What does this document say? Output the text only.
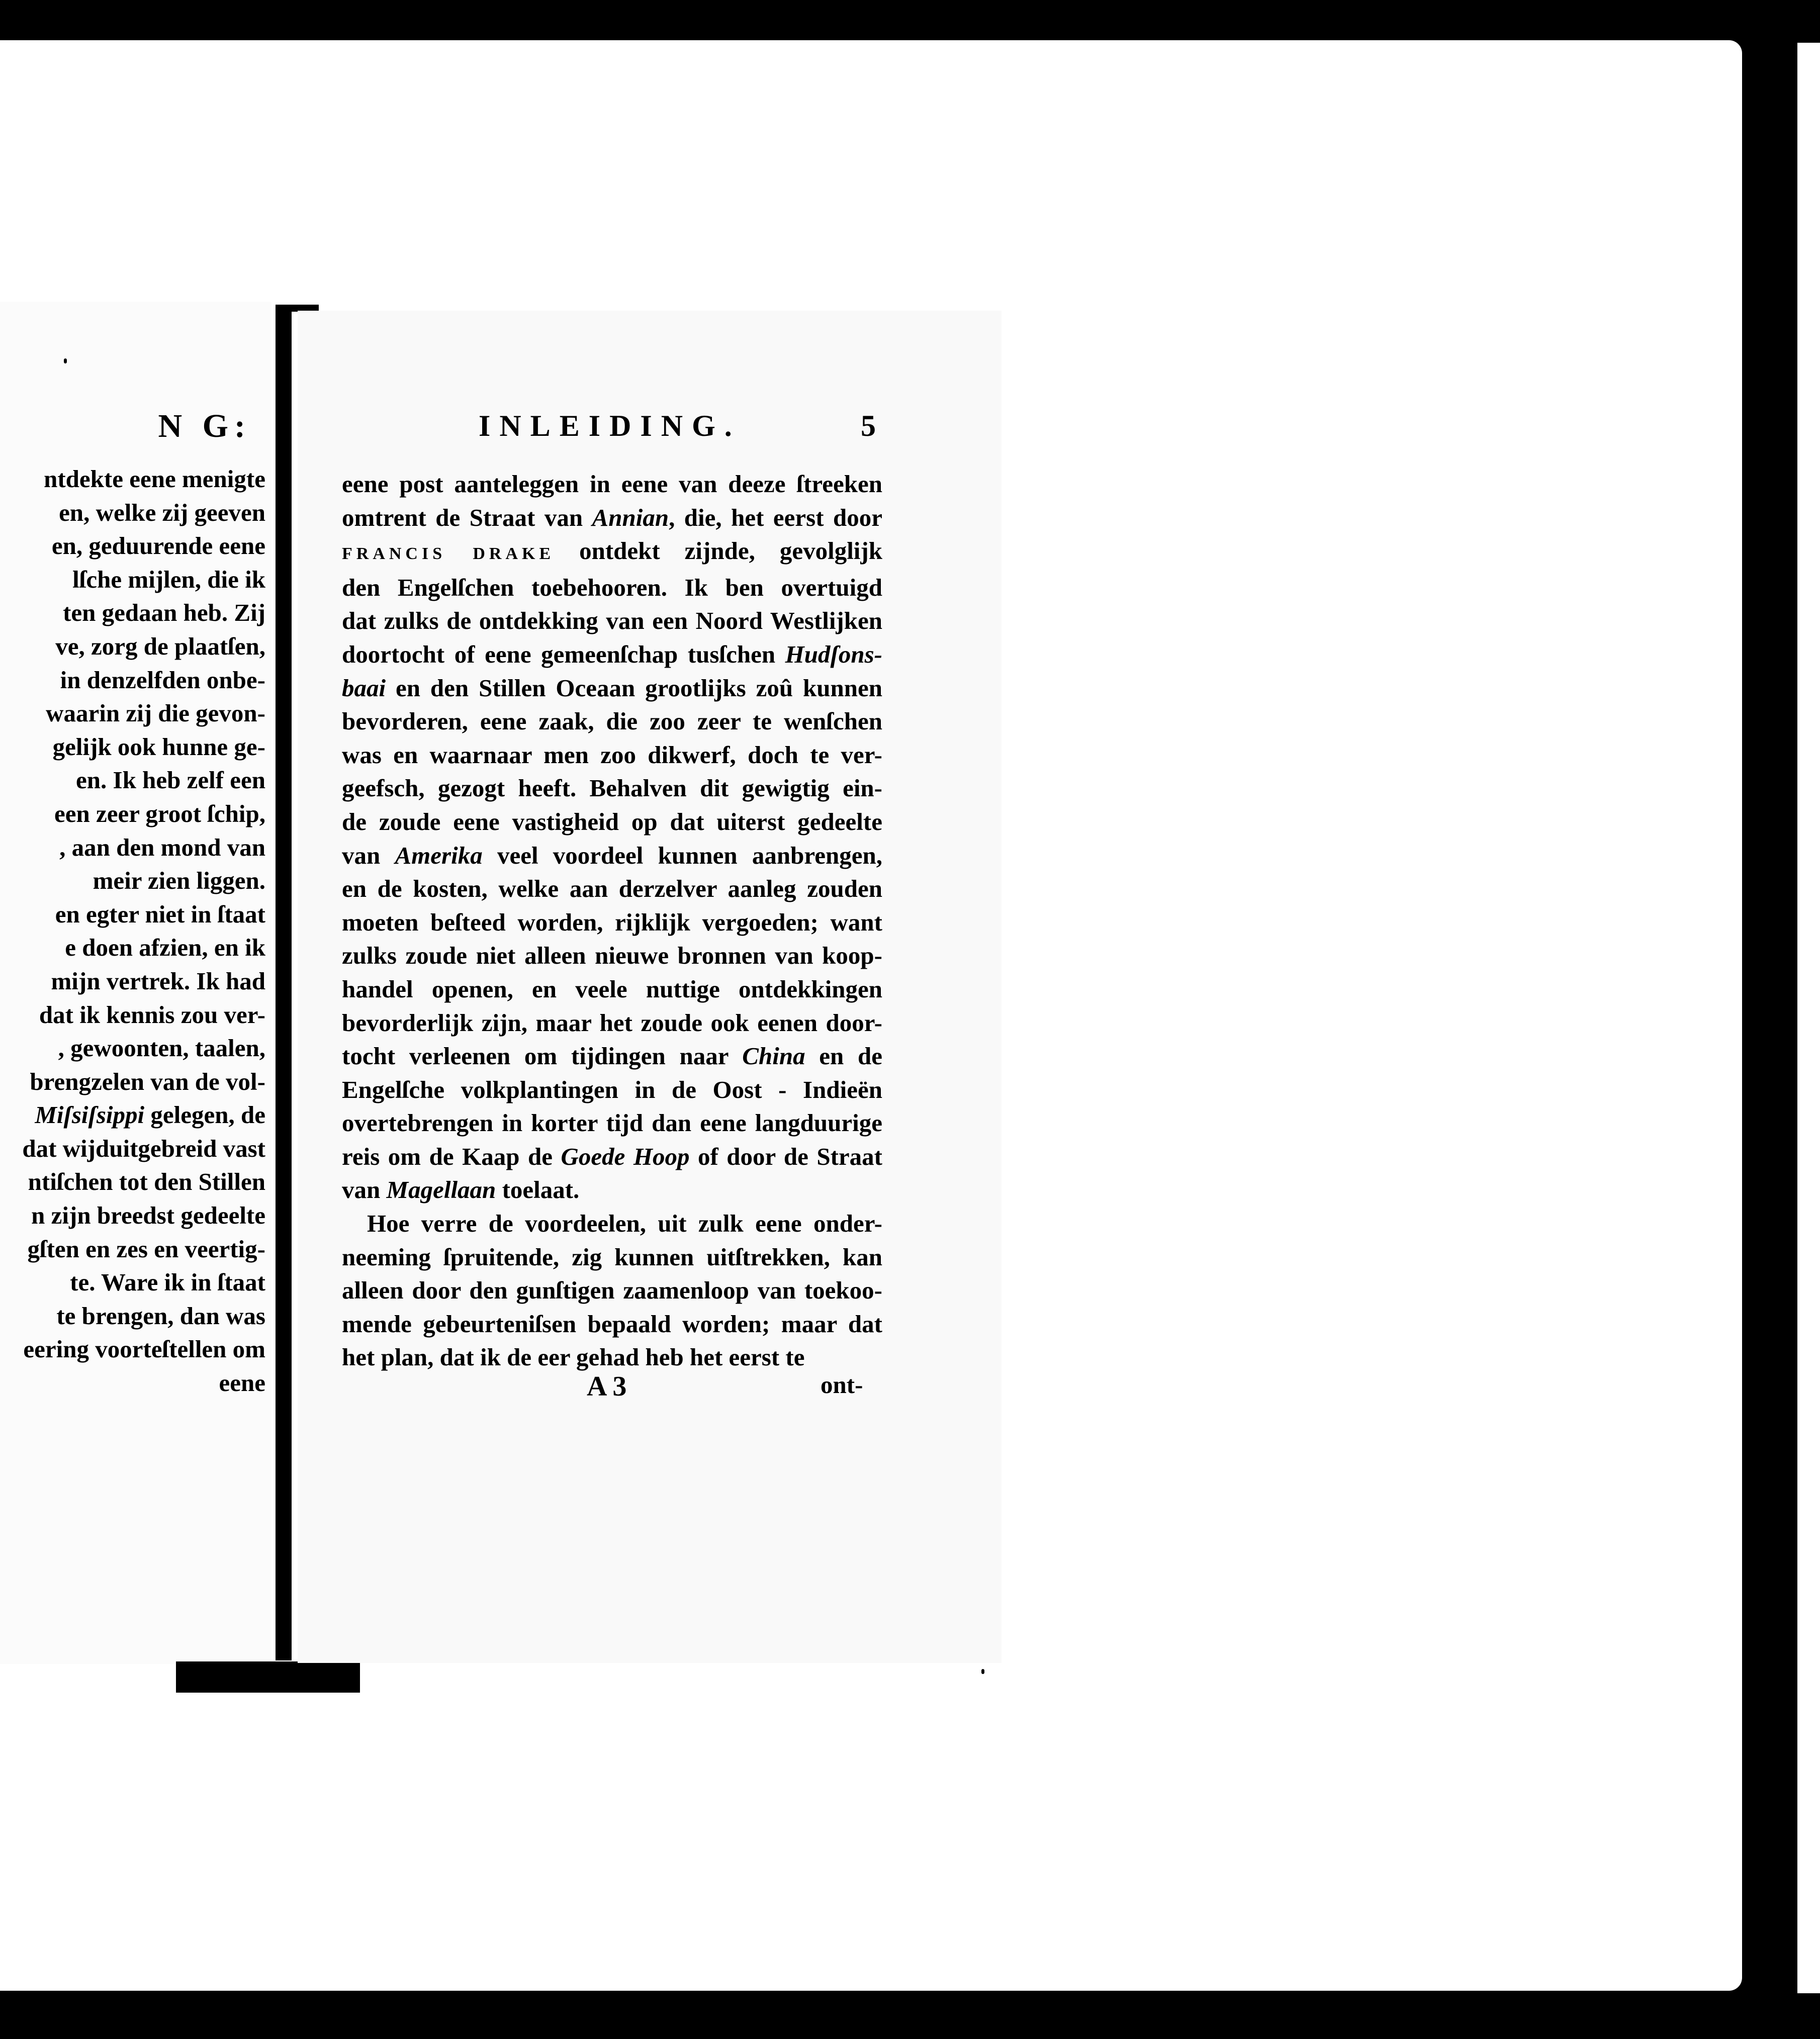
N G:
ntdekte eene menigte
en, welke zij geeven
en, geduurende eene
lſche mijlen, die ik
ten gedaan heb. Zij
ve, zorg de plaatſen,
in denzelfden onbe-
waarin zij die gevon-
gelijk ook hunne ge-
en. Ik heb zelf een
een zeer groot ſchip,
, aan den mond van
meir zien liggen.
en egter niet in ſtaat
e doen afzien, en ik
mijn vertrek. Ik had
dat ik kennis zou ver-
, gewoonten, taalen,
brengzelen van de vol-
Miſsiſsippi gelegen, de
dat wijduitgebreid vast
ntiſchen tot den Stillen
n zijn breedst gedeelte
gſten en zes en veertig-
te. Ware ik in ſtaat
te brengen, dan was
eering voorteſtellen om
eene
INLEIDING.	5
eene post aanteleggen in eene van deeze ſtreeken
omtrent de Straat van Annian, die, het eerst door
FRANCIS DRAKE ontdekt zijnde, gevolglijk
den Engelſchen toebehooren. Ik ben overtuigd
dat zulks de ontdekking van een Noord Westlijken
doortocht of eene gemeenſchap tusſchen Hudſons-
baai en den Stillen Oceaan grootlijks zoû kunnen
bevorderen, eene zaak, die zoo zeer te wenſchen
was en waarnaar men zoo dikwerf, doch te ver-
geefsch, gezogt heeft. Behalven dit gewigtig ein-
de zoude eene vastigheid op dat uiterst gedeelte
van Amerika veel voordeel kunnen aanbrengen,
en de kosten, welke aan derzelver aanleg zouden
moeten beſteed worden, rijklijk vergoeden; want
zulks zoude niet alleen nieuwe bronnen van koop-
handel openen, en veele nuttige ontdekkingen
bevorderlijk zijn, maar het zoude ook eenen door-
tocht verleenen om tijdingen naar China en de
Engelſche volkplantingen in de Oost - Indieën
overtebrengen in korter tijd dan eene langduurige
reis om de Kaap de Goede Hoop of door de Straat
van Magellaan toelaat.
Hoe verre de voordeelen, uit zulk eene onder-
neeming ſpruitende, zig kunnen uitſtrekken, kan
alleen door den gunſtigen zaamenloop van toekoo-
mende gebeurteniſsen bepaald worden; maar dat
het plan, dat ik de eer gehad heb het eerst te
A 3	ont-
